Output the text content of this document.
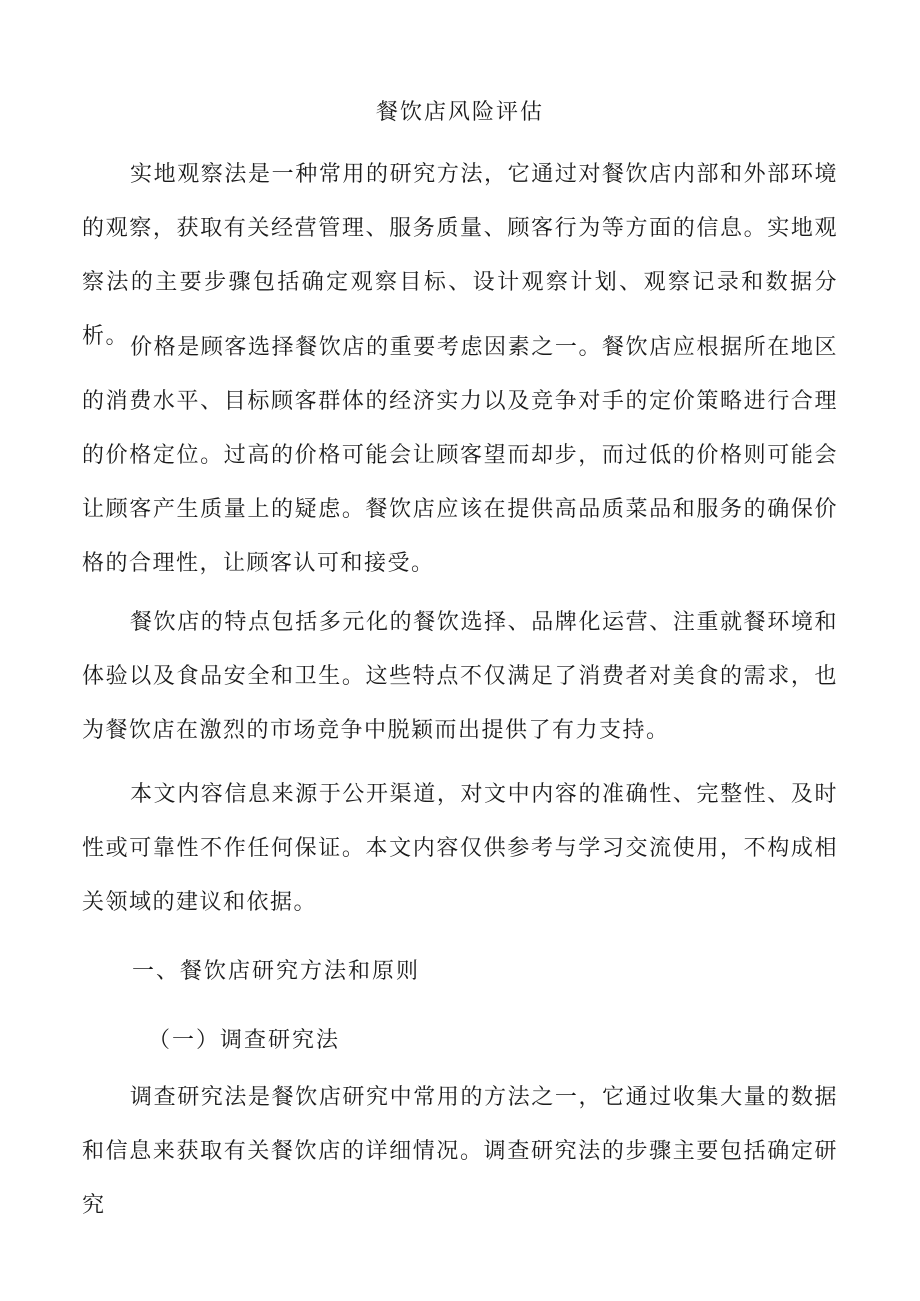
餐饮店风险评估

实地观察法是一种常用的研究方法，它通过对餐饮店内部和外部环境的观察，获取有关经营管理、服务质量、顾客行为等方面的信息。实地观察法的主要步骤包括确定观察目标、设计观察计划、观察记录和数据分析。 价格是顾客选择餐饮店的重要考虑因素之一。餐饮店应根据所在地区的消费水平、目标顾客群体的经济实力以及竞争对手的定价策略进行合理的价格定位。过高的价格可能会让顾客望而却步，而过低的价格则可能会让顾客产生质量上的疑虑。餐饮店应该在提供高品质菜品和服务的确保价格的合理性，让顾客认可和接受。

餐饮店的特点包括多元化的餐饮选择、品牌化运营、注重就餐环境和体验以及食品安全和卫生。这些特点不仅满足了消费者对美食的需求，也为餐饮店在激烈的市场竞争中脱颖而出提供了有力支持。

本文内容信息来源于公开渠道，对文中内容的准确性、完整性、及时性或可靠性不作任何保证。本文内容仅供参考与学习交流使用，不构成相关领域的建议和依据。

一、餐饮店研究方法和原则
（一）调查研究法

调查研究法是餐饮店研究中常用的方法之一，它通过收集大量的数据和信息来获取有关餐饮店的详细情况。调查研究法的步骤主要包括确定研究
